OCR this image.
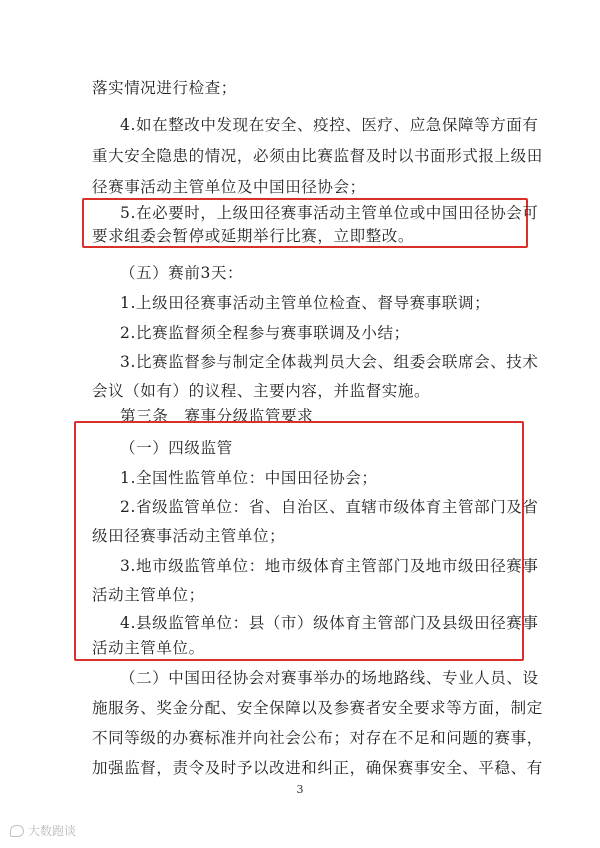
落实情况进行检查；
4.如在整改中发现在安全、疫控、医疗、应急保障等方面有
重大安全隐患的情况，必须由比赛监督及时以书面形式报上级田
径赛事活动主管单位及中国田径协会；
5.在必要时，上级田径赛事活动主管单位或中国田径协会可
要求组委会暂停或延期举行比赛，立即整改。
（五）赛前3天：
1.上级田径赛事活动主管单位检查、督导赛事联调；
2.比赛监督须全程参与赛事联调及小结；
3.比赛监督参与制定全体裁判员大会、组委会联席会、技术
会议（如有）的议程、主要内容，并监督实施。
第三条　赛事分级监管要求
（一）四级监管
1.全国性监管单位：中国田径协会；
2.省级监管单位：省、自治区、直辖市级体育主管部门及省
级田径赛事活动主管单位；
3.地市级监管单位：地市级体育主管部门及地市级田径赛事
活动主管单位；
4.县级监管单位：县（市）级体育主管部门及县级田径赛事
活动主管单位。
（二）中国田径协会对赛事举办的场地路线、专业人员、设
施服务、奖金分配、安全保障以及参赛者安全要求等方面，制定
不同等级的办赛标准并向社会公布；对存在不足和问题的赛事，
加强监督，责令及时予以改进和纠正，确保赛事安全、平稳、有
3
大数跑谈
